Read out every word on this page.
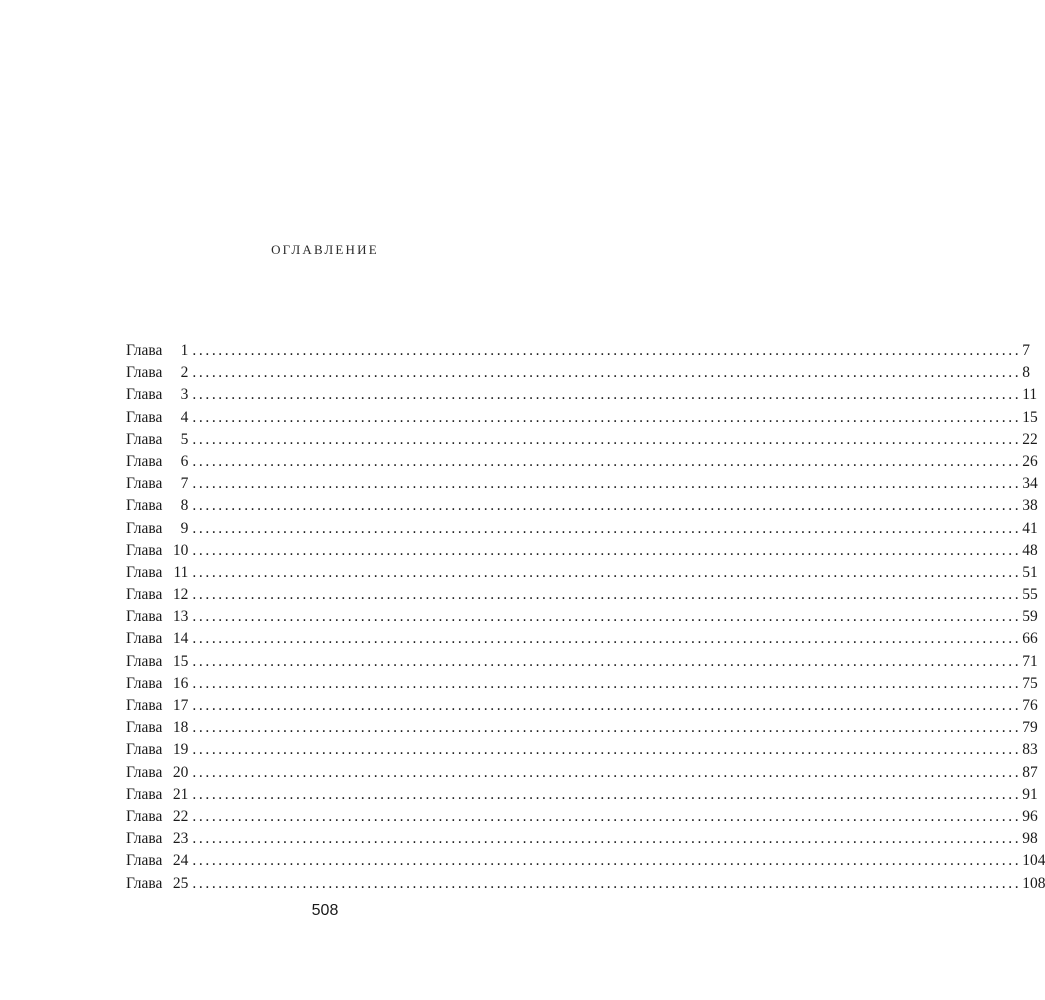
оглавление
Глава	1 ................................................................................................................................ 7
Глава	2 ................................................................................................................................ 8
Глава	3 ................................................................................................................................ 11
Глава	4 ................................................................................................................................ 15
Глава	5 ................................................................................................................................ 22
Глава	6 ................................................................................................................................ 26
Глава	7 ................................................................................................................................ 34
Глава	8 ................................................................................................................................ 38
Глава	9 ................................................................................................................................ 41
Глава 10 ................................................................................................................................ 48
Глава 11 ................................................................................................................................ 51
Глава 12 ................................................................................................................................ 55
Глава 13 ................................................................................................................................ 59
Глава 14 ................................................................................................................................ 66
Глава 15 ................................................................................................................................ 71
Глава 16 ................................................................................................................................ 75
Глава 17 ................................................................................................................................ 76
Глава 18 ................................................................................................................................ 79
Глава 19 ................................................................................................................................ 83
Глава 20 ................................................................................................................................ 87
Глава 21 ................................................................................................................................ 91
Глава 22 ................................................................................................................................ 96
Глава 23 ................................................................................................................................ 98
Глава 24 ................................................................................................................................ 104
Глава 25 ................................................................................................................................ 108
508
